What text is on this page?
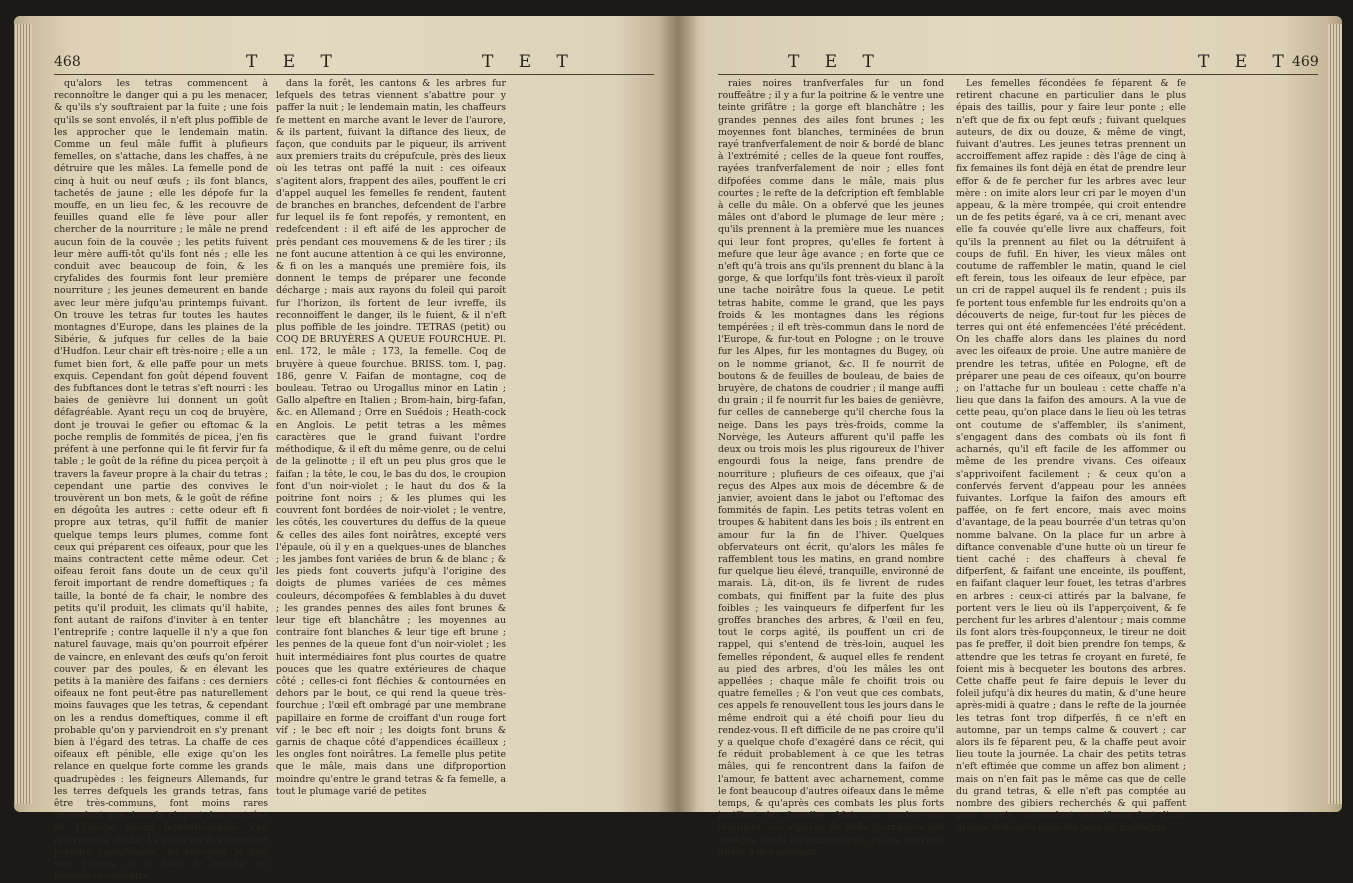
468	T E T	T E T

qu'alors les tetras commencent à reconnoître le danger qui a pu les menacer, & qu'ils s'y souftraient par la fuite ; une fois qu'ils se sont envolés, il n'eft plus poffible de les approcher que le lendemain matin. Comme un feul mâle fuffit à plufieurs femelles, on s'attache, dans les chaffes, à ne détruire que les mâles. La femelle pond de cinq à huit ou neuf œufs ; ils font blancs, tachetés de jaune ; elle les dépofe fur la mouffe, en un lieu fec, & les recouvre de feuilles quand elle fe lève pour aller chercher de la nourriture ; le mâle ne prend aucun foin de la couvée ; les petits fuivent leur mère auffi-tôt qu'ils font nés ; elle les conduit avec beaucoup de foin, & les cryfalides des fourmis font leur première nourriture ; les jeunes demeurent en bande avec leur mère jufqu'au printemps fuivant. On trouve les tetras fur toutes les hautes montagnes d'Europe, dans les plaines de la Sibérie, & jufques fur celles de la baie d'Hudfon. Leur chair eft très-noire ; elle a un fumet bien fort, & elle paffe pour un mets exquis. Cependant fon goût dépend fouvent des fubftances dont le tetras s'eft nourri : les baies de genièvre lui donnent un goût défagréable. Ayant reçu un coq de bruyère, dont je trouvai le gefier ou eftomac & la poche remplis de fommités de picea, j'en fis préfent à une perfonne qui le fit fervir fur fa table ; le goût de la réfine du picea perçoit à travers la faveur propre à la chair du tetras ; cependant une partie des convives le trouvèrent un bon mets, & le goût de réfine en dégoûta les autres : cette odeur eft fi propre aux tetras, qu'il fuffit de manier quelque temps leurs plumes, comme font ceux qui préparent ces oifeaux, pour que les mains contractent cette même odeur. Cet oifeau feroit fans doute un de ceux qu'il feroit important de rendre domeftiques ; fa taille, la bonté de fa chair, le nombre des petits qu'il produit, les climats qu'il habite, font autant de raifons d'inviter à en tenter l'entreprife ; contre laquelle il n'y a que fon naturel fauvage, mais qu'on pourroit efpérer de vaincre, en enlevant des œufs qu'on feroit couver par des poules, & en élevant les petits à la manière des faifans : ces derniers oifeaux ne font peut-être pas naturellement moins fauvages que les tetras, & cependant on les a rendus domeftiques, comme il eft probable qu'on y parviendroit en s'y prenant bien à l'égard des tetras. La chaffe de ces oifeaux eft pénible, elle exige qu'on les relance en quelque forte comme les grands quadrupèdes : les feigneurs Allemands, fur les terres defquels les grands tetras, fans être très-communs, font moins rares cependant que dans la plupart des contrées de l'Europe moins feptentrionales, s'en réfervent la chaffe. La veille qu'ils en veulent prendre l'amufement, ils envoyent le foir, vers l'heure où le foleil fe couche, un piqueur reconnoître

dans la forêt, les cantons & les arbres fur lefquels des tetras viennent s'abattre pour y paffer la nuit ; le lendemain matin, les chaffeurs fe mettent en marche avant le lever de l'aurore, & ils partent, fuivant la diftance des lieux, de façon, que conduits par le piqueur, ils arrivent aux premiers traits du crépufcule, près des lieux où les tetras ont paffé la nuit : ces oifeaux s'agitent alors, frappent des ailes, pouffent le cri d'appel auquel les femelles fe rendent, fautent de branches en branches, defcendent de l'arbre fur lequel ils fe font repofés, y remontent, en redefcendent : il eft aifé de les approcher de près pendant ces mouvemens & de les tirer ; ils ne font aucune attention à ce qui les environne, & fi on les a manqués une première fois, ils donnent le temps de préparer une feconde décharge ; mais aux rayons du foleil qui paroît fur l'horizon, ils fortent de leur ivreffe, ils reconnoiffent le danger, ils le fuient, & il n'eft plus poffible de les joindre. TETRAS (petit) ou COQ DE BRUYÈRES A QUEUE FOURCHUE. Pl. enl. 172, le mâle ; 173, la femelle. Coq de bruyère à queue fourchue. BRISS. tom. I, pag. 186, genre V. Faifan de montagne, coq de bouleau. Tetrao ou Urogallus minor en Latin ; Gallo alpeftre en Italien ; Brom-hain, birg-fafan, &c. en Allemand ; Orre en Suédois ; Heath-cock en Anglois. Le petit tetras a les mêmes caractères que le grand fuivant l'ordre méthodique, & il eft du même genre, ou de celui de la gelinotte ; il eft un peu plus gros que le faifan ; la tête, le cou, le bas du dos, le croupion font d'un noir-violet ; le haut du dos & la poitrine font noirs ; & les plumes qui les couvrent font bordées de noir-violet ; le ventre, les côtés, les couvertures du deffus de la queue & celles des ailes font noirâtres, excepté vers l'épaule, où il y en a quelques-unes de blanches ; les jambes font variées de brun & de blanc ; & les pieds font couverts jufqu'à l'origine des doigts de plumes variées de ces mêmes couleurs, décompofées & femblables à du duvet ; les grandes pennes des ailes font brunes & leur tige eft blanchâtre ; les moyennes au contraire font blanches & leur tige eft brune ; les pennes de la queue font d'un noir-violet ; les huit intermédiaires font plus courtes de quatre pouces que les quatre extérieures de chaque côté ; celles-ci font fléchies & contournées en dehors par le bout, ce qui rend la queue très-fourchue ; l'œil eft ombragé par une membrane papillaire en forme de croiffant d'un rouge fort vif ; le bec eft noir ; les doigts font bruns & garnis de chaque côté d'appendices écailleux ; les ongles font noirâtres. La femelle plus petite que le mâle, mais dans une difproportion moindre qu'entre le grand tetras & fa femelle, a tout le plumage varié de petites

T E T	T E T
469

raies noires tranfverfales fur un fond rouffeâtre ; il y a fur la poitrine & le ventre une teinte grifâtre ; la gorge eft blanchâtre ; les grandes pennes des ailes font brunes ; les moyennes font blanches, terminées de brun rayé tranfverfalement de noir & bordé de blanc à l'extrémité ; celles de la queue font rouffes, rayées tranfverfalement de noir ; elles font difpofées comme dans le mâle, mais plus courtes ; le refte de la defcription eft femblable à celle du mâle. On a obfervé que les jeunes mâles ont d'abord le plumage de leur mère ; qu'ils prennent à la première mue les nuances qui leur font propres, qu'elles fe fortent à mefure que leur âge avance ; en forte que ce n'eft qu'à trois ans qu'ils prennent du blanc à la gorge, & que lorfqu'ils font très-vieux il paroît une tache noirâtre fous la queue. Le petit tetras habite, comme le grand, que les pays froids & les montagnes dans les régions tempérées ; il eft très-commun dans le nord de l'Europe, & fur-tout en Pologne ; on le trouve fur les Alpes, fur les montagnes du Bugey, où on le nomme grianot, &c. Il fe nourrit de boutons & de feuilles de bouleau, de baies de bruyère, de chatons de coudrier ; il mange auffi du grain ; il fe nourrit fur les baies de genièvre, fur celles de canneberge qu'il cherche fous la neige. Dans les pays très-froids, comme la Norvège, les Auteurs affurent qu'il paffe les deux ou trois mois les plus rigoureux de l'hiver engourdi fous la neige, fans prendre de nourriture ; plufieurs de ces oifeaux, que j'ai reçus des Alpes aux mois de décembre & de janvier, avoient dans le jabot ou l'eftomac des fommités de fapin. Les petits tetras volent en troupes & habitent dans les bois ; ils entrent en amour fur la fin de l'hiver. Quelques obfervateurs ont écrit, qu'alors les mâles fe raffemblent tous les matins, en grand nombre fur quelque lieu élevé, tranquille, environné de marais. Là, dit-on, ils fe livrent de rudes combats, qui finiffent par la fuite des plus foibles ; les vainqueurs fe difperfent fur les groffes branches des arbres, & l'œil en feu, tout le corps agité, ils pouffent un cri de rappel, qui s'entend de très-loin, auquel les femelles répondent, & auquel elles fe rendent au pied des arbres, d'où les mâles les ont appellées ; chaque mâle fe choifit trois ou quatre femelles ; & l'on veut que ces combats, ces appels fe renouvellent tous les jours dans le même endroit qui a été choifi pour lieu du rendez-vous. Il eft difficile de ne pas croire qu'il y a quelque chofe d'exagéré dans ce récit, qui fe réduit probablement à ce que les tetras mâles, qui fe rencontrent dans la faifon de l'amour, fe battent avec acharnement, comme le font beaucoup d'autres oifeaux dans le même temps, & qu'après ces combats les plus forts jouiffent des femelles. Mais ces rendez-vous réguliers, ces efpèces de défis journaliers ont quelque chofe de romanefque, qui ne convient guère à des animaux.

Les femelles fécondées fe féparent & fe retirent chacune en particulier dans le plus épais des taillis, pour y faire leur ponte ; elle n'eft que de fix ou fept œufs ; fuivant quelques auteurs, de dix ou douze, & même de vingt, fuivant d'autres. Les jeunes tetras prennent un accroiffement affez rapide : dès l'âge de cinq à fix femaines ils font déjà en état de prendre leur effor & de fe percher fur les arbres avec leur mère : on imite alors leur cri par le moyen d'un appeau, & la mère trompée, qui croit entendre un de fes petits égaré, va à ce cri, menant avec elle fa couvée qu'elle livre aux chaffeurs, foit qu'ils la prennent au filet ou la détruifent à coups de fufil. En hiver, les vieux mâles ont coutume de raffembler le matin, quand le ciel eft ferein, tous les oifeaux de leur efpèce, par un cri de rappel auquel ils fe rendent ; puis ils fe portent tous enfemble fur les endroits qu'on a découverts de neige, fur-tout fur les pièces de terres qui ont été enfemencées l'été précédent. On les chaffe alors dans les plaines du nord avec les oifeaux de proie. Une autre manière de prendre les tetras, ufitée en Pologne, eft de préparer une peau de ces oifeaux, qu'on bourre ; on l'attache fur un bouleau : cette chaffe n'a lieu que dans la faifon des amours. A la vue de cette peau, qu'on place dans le lieu où les tetras ont coutume de s'affembler, ils s'animent, s'engagent dans des combats où ils font fi acharnés, qu'il eft facile de les affommer ou même de les prendre vivans. Ces oifeaux s'apprivoifent facilement ; & ceux qu'on a confervés fervent d'appeau pour les années fuivantes. Lorfque la faifon des amours eft paffée, on fe fert encore, mais avec moins d'avantage, de la peau bourrée d'un tetras qu'on nomme balvane. On la place fur un arbre à diftance convenable d'une hutte où un tireur fe tient caché : des chaffeurs à cheval fe difperfent, & faifant une enceinte, ils pouffent, en faifant claquer leur fouet, les tetras d'arbres en arbres : ceux-ci attirés par la balvane, fe portent vers le lieu où ils l'apperçoivent, & fe perchent fur les arbres d'alentour ; mais comme ils font alors très-foupçonneux, le tireur ne doit pas fe preffer, il doit bien prendre fon temps, & attendre que les tetras fe croyant en fureté, fe foient mis à becqueter les boutons des arbres. Cette chaffe peut fe faire depuis le lever du foleil jufqu'à dix heures du matin, & d'une heure après-midi à quatre ; dans le refte de la journée les tetras font trop difperfés, fi ce n'eft en automne, par un temps calme & couvert ; car alors ils fe féparent peu, & la chaffe peut avoir lieu toute la journée. La chair des petits tetras n'eft eftimée que comme un affez bon aliment ; mais on n'en fait pas le même cas que de celle du grand tetras, & elle n'eft pas comptée au nombre des gibiers recherchés & qui paffent pour exquis ; cependant ces oifeaux font d'une grande reffource dans les pays de montagne ;
